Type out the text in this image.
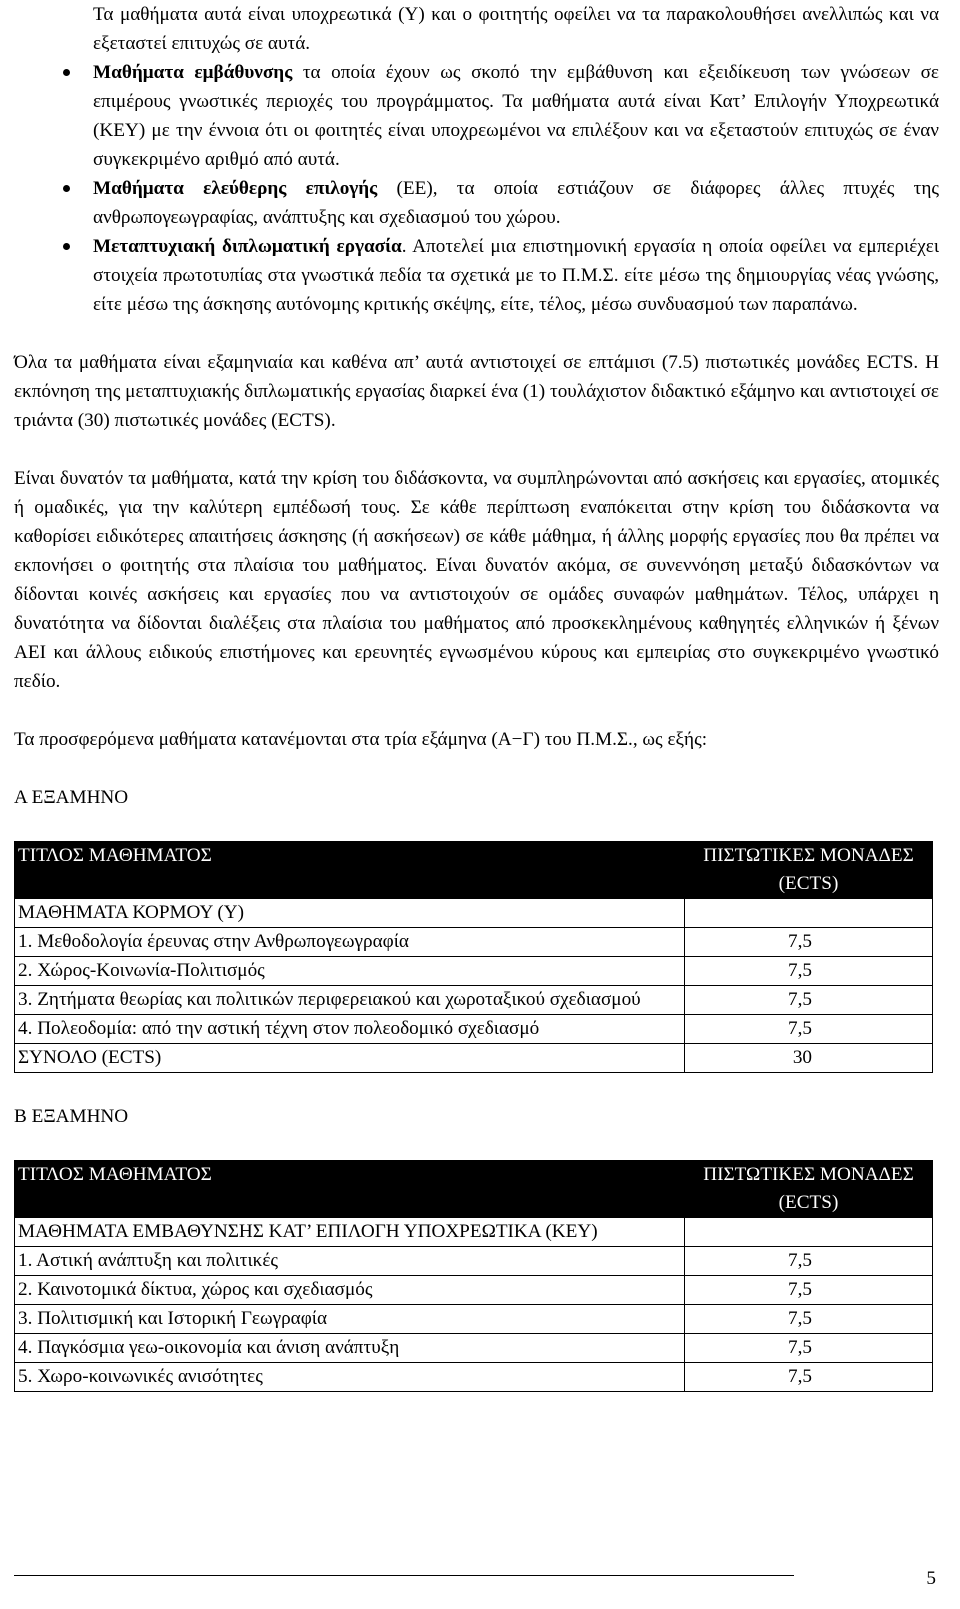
Τα μαθήματα αυτά είναι υποχρεωτικά (Υ) και ο φοιτητής οφείλει να τα παρακολουθήσει ανελλιπώς και να εξεταστεί επιτυχώς σε αυτά.

Μαθήματα εμβάθυνσης τα οποία έχουν ως σκοπό την εμβάθυνση και εξειδίκευση των γνώσεων σε επιμέρους γνωστικές περιοχές του προγράμματος. Τα μαθήματα αυτά είναι Κατ’ Επιλογήν Υποχρεωτικά (ΚΕΥ) με την έννοια ότι οι φοιτητές είναι υποχρεωμένοι να επιλέξουν και να εξεταστούν επιτυχώς σε έναν συγκεκριμένο αριθμό από αυτά.
Μαθήματα ελεύθερης επιλογής (ΕΕ), τα οποία εστιάζουν σε διάφορες άλλες πτυχές της ανθρωπογεωγραφίας, ανάπτυξης και σχεδιασμού του χώρου.
Μεταπτυχιακή διπλωματική εργασία. Αποτελεί μια επιστημονική εργασία η οποία οφείλει να εμπεριέχει στοιχεία πρωτοτυπίας στα γνωστικά πεδία τα σχετικά με το Π.Μ.Σ. είτε μέσω της δημιουργίας νέας γνώσης, είτε μέσω της άσκησης αυτόνομης κριτικής σκέψης, είτε, τέλος, μέσω συνδυασμού των παραπάνω.

Όλα τα μαθήματα είναι εξαμηνιαία και καθένα απ’ αυτά αντιστοιχεί σε επτάμισι (7.5) πιστωτικές μονάδες ECTS. Η εκπόνηση της μεταπτυχιακής διπλωματικής εργασίας διαρκεί ένα (1) τουλάχιστον διδακτικό εξάμηνο και αντιστοιχεί σε τριάντα (30) πιστωτικές μονάδες (ECTS).

Είναι δυνατόν τα μαθήματα, κατά την κρίση του διδάσκοντα, να συμπληρώνονται από ασκήσεις και εργασίες, ατομικές ή ομαδικές, για την καλύτερη εμπέδωσή τους. Σε κάθε περίπτωση εναπόκειται στην κρίση του διδάσκοντα να καθορίσει ειδικότερες απαιτήσεις άσκησης (ή ασκήσεων) σε κάθε μάθημα, ή άλλης μορφής εργασίες που θα πρέπει να εκπονήσει ο φοιτητής στα πλαίσια του μαθήματος. Είναι δυνατόν ακόμα, σε συνεννόηση μεταξύ διδασκόντων να δίδονται κοινές ασκήσεις και εργασίες που να αντιστοιχούν σε ομάδες συναφών μαθημάτων. Τέλος, υπάρχει η δυνατότητα να δίδονται διαλέξεις στα πλαίσια του μαθήματος από προσκεκλημένους καθηγητές ελληνικών ή ξένων ΑΕΙ και άλλους ειδικούς επιστήμονες και ερευνητές εγνωσμένου κύρους και εμπειρίας στο συγκεκριμένο γνωστικό πεδίο.

Τα προσφερόμενα μαθήματα κατανέμονται στα τρία εξάμηνα (Α−Γ) του Π.Μ.Σ., ως εξής:

Α ΕΞΑΜΗΝΟ

ΤΙΤΛΟΣ ΜΑΘΗΜΑΤΟΣ	ΠΙΣΤΩΤΙΚΕΣ ΜΟΝΑΔΕΣ (ECTS)
ΜΑΘΗΜΑΤΑ ΚΟΡΜΟΥ (Υ)	
1. Μεθοδολογία έρευνας στην Ανθρωπογεωγραφία	7,5
2. Χώρος-Κοινωνία-Πολιτισμός	7,5
3. Ζητήματα θεωρίας και πολιτικών περιφερειακού και χωροταξικού σχεδιασμού	7,5
4. Πολεοδομία: από την αστική τέχνη στον πολεοδομικό σχεδιασμό	7,5
ΣΥΝΟΛΟ (ECTS)	30

Β ΕΞΑΜΗΝΟ

ΤΙΤΛΟΣ ΜΑΘΗΜΑΤΟΣ	ΠΙΣΤΩΤΙΚΕΣ ΜΟΝΑΔΕΣ (ECTS)
ΜΑΘΗΜΑΤΑ ΕΜΒΑΘΥΝΣΗΣ ΚΑΤ’ ΕΠΙΛΟΓΗ ΥΠΟΧΡΕΩΤΙΚΑ (ΚΕΥ)	
1. Αστική ανάπτυξη και πολιτικές	7,5
2. Καινοτομικά δίκτυα, χώρος και σχεδιασμός	7,5
3. Πολιτισμική και Ιστορική Γεωγραφία	7,5
4. Παγκόσμια γεω-οικονομία και άνιση ανάπτυξη	7,5
5. Χωρο-κοινωνικές ανισότητες	7,5
5
